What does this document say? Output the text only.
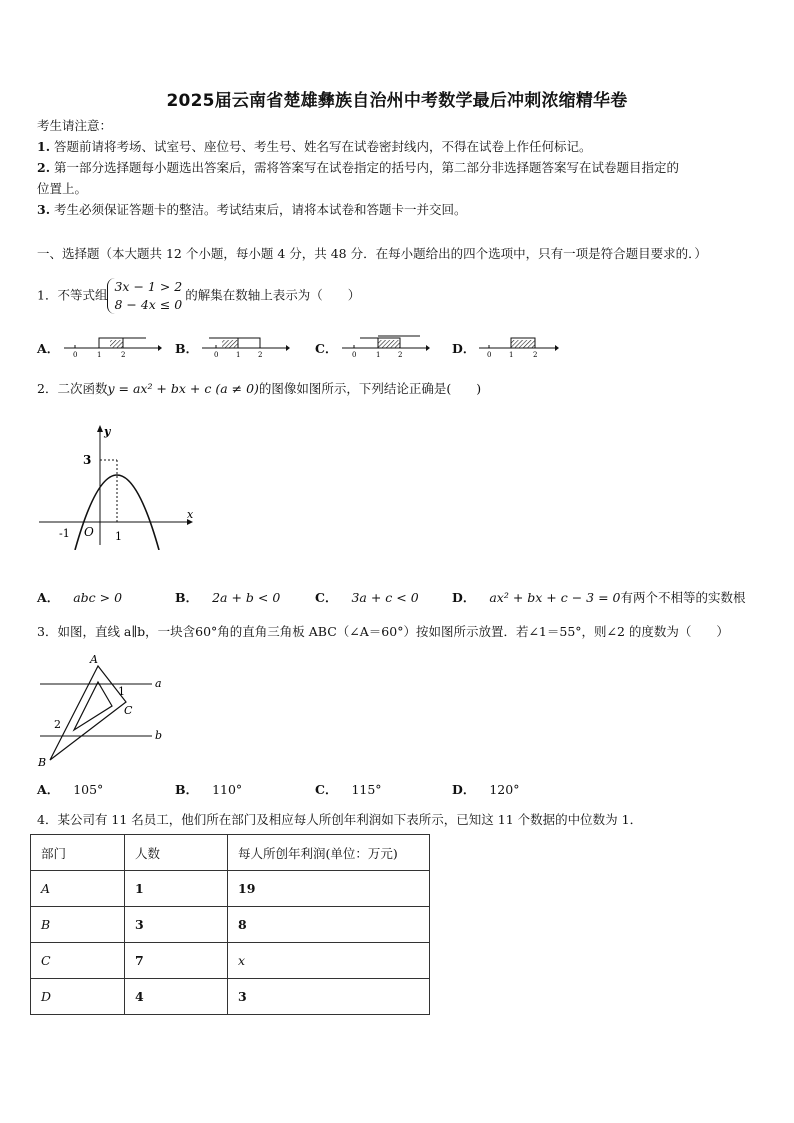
2025届云南省楚雄彝族自治州中考数学最后冲刺浓缩精华卷
考生请注意：
1. 答题前请将考场、试室号、座位号、考生号、姓名写在试卷密封线内，不得在试卷上作任何标记。
2. 第一部分选择题每小题选出答案后，需将答案写在试卷指定的括号内，第二部分非选择题答案写在试卷题目指定的
位置上。
3. 考生必须保证答题卡的整洁。考试结束后，请将本试卷和答题卡一并交回。
一、选择题（本大题共 12 个小题，每小题 4 分，共 48 分．在每小题给出的四个选项中，只有一项是符合题目要求的．）
1．不等式组3x − 1 > 2
8 − 4x ≤ 0的解集在数轴上表示为（　　）
A．	0	1	2	B．	0	1	2	C．	0	1	2	D．	0	1	2
2．二次函数y = ax² + bx + c (a ≠ 0)的图像如图所示，下列结论正确是(　　)
y
x
3
O 1
-1
A． abc > 0	B． 2a + b < 0	C． 3a + c < 0	D． ax² + bx + c − 3 = 0有两个不相等的实数根
3．如图，直线 a∥b，一块含60°角的直角三角板 ABC（∠A＝60°）按如图所示放置．若∠1＝55°，则∠2 的度数为（　　）
A
B
C
a
b
1
2
A． 105°	B． 110°	C． 115°	D． 120°
4．某公司有 11 名员工，他们所在部门及相应每人所创年利润如下表所示，已知这 11 个数据的中位数为 1．
部门	人数	每人所创年利润(单位：万元)
A	1	19
B	3	8
C	7	x
D	4	3
